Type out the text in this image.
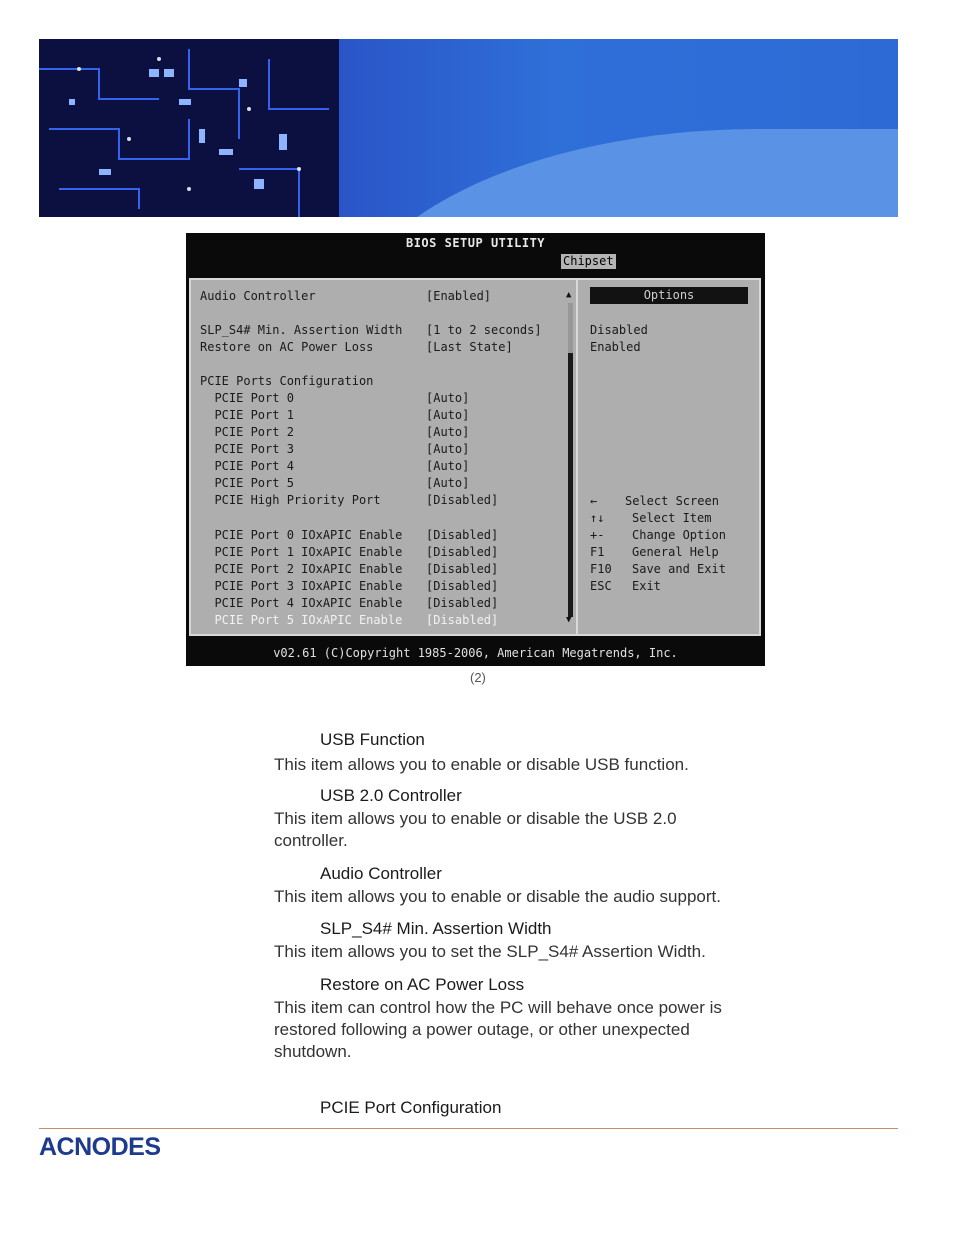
BIOS SETUP UTILITY
Chipset
Audio Controller	[Enabled]
SLP_S4# Min. Assertion Width [1 to 2 seconds]
Restore on AC Power Loss	[Last State]
PCIE Ports Configuration
PCIE Port 0	[Auto]
PCIE Port 1	[Auto]
PCIE Port 2	[Auto]
PCIE Port 3	[Auto]
PCIE Port 4	[Auto]
PCIE Port 5	[Auto]
PCIE High Priority Port	[Disabled]
PCIE Port 0 IOxAPIC Enable [Disabled]
PCIE Port 1 IOxAPIC Enable [Disabled]
PCIE Port 2 IOxAPIC Enable [Disabled]
PCIE Port 3 IOxAPIC Enable [Disabled]
PCIE Port 4 IOxAPIC Enable [Disabled]
PCIE Port 5 IOxAPIC Enable [Disabled]
▲
▼
Options
Disabled
Enabled
← Select Screen
↑↓ Select Item
+- Change Option
F1 General Help
F10 Save and Exit
ESC Exit
v02.61 (C)Copyright 1985-2006, American Megatrends, Inc.
(2)
USB Function
This item allows you to enable or disable USB function.
USB 2.0 Controller
This item allows you to enable or disable the USB 2.0 controller.
Audio Controller
This item allows you to enable or disable the audio support.
SLP_S4# Min. Assertion Width
This item allows you to set the SLP_S4# Assertion Width.
Restore on AC Power Loss
This item can control how the PC will behave once power is restored following a power outage, or other unexpected shutdown.
PCIE Port Configuration
ACNODES
